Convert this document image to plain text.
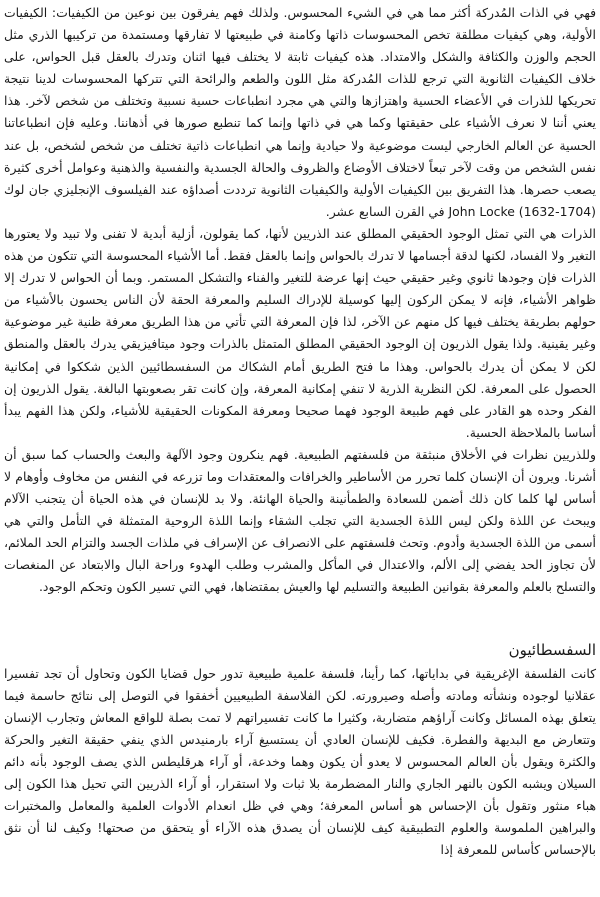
فهي في الذات المُدركة أكثر مما هي في الشيء المحسوس. ولذلك فهم يفرقون بين نوعين من الكيفيات: الكيفيات الأولية، وهي كيفيات مطلقة تخص المحسوسات ذاتها وكامنة في طبيعتها لا تفارقها ومستمدة من تركيبها الذري مثل الحجم والوزن والكثافة والشكل والامتداد. هذه كيفيات ثابتة لا يختلف فيها اثنان وتدرك بالعقل قبل الحواس، على خلاف الكيفيات الثانوية التي ترجع للذات المُدركة مثل اللون والطعم والرائحة التي تتركها المحسوسات لدينا نتيجة تحريكها للذرات في الأعضاء الحسية واهتزازها والتي هي مجرد انطباعات حسية نسبية وتختلف من شخص لآخر. هذا يعني أننا لا نعرف الأشياء على حقيقتها وكما هي في ذاتها وإنما كما تنطبع صورها في أذهاننا. وعليه فإن انطباعاتنا الحسية عن العالم الخارجي ليست موضوعية ولا حيادية وإنما هي انطباعات ذاتية تختلف من شخص لشخص، بل عند نفس الشخص من وقت لآخر تبعاً لاختلاف الأوضاع والظروف والحالة الجسدية والنفسية والذهنية وعوامل أخرى كثيرة يصعب حصرها. هذا التفريق بين الكيفيات الأولية والكيفيات الثانوية ترددت أصداؤه عند الفيلسوف الإنجليزي جان لوك John Locke (1632-1704) في القرن السابع عشر.

الذرات هي التي تمثل الوجود الحقيقي المطلق عند الذريين لأنها، كما يقولون، أزلية أبدية لا تفنى ولا تبيد ولا يعتورها التغير ولا الفساد، لكنها لدقة أجسامها لا تدرك بالحواس وإنما بالعقل فقط. أما الأشياء المحسوسة التي تتكون من هذه الذرات فإن وجودها ثانوي وغير حقيقي حيث إنها عرضة للتغير والفناء والتشكل المستمر. وبما أن الحواس لا تدرك إلا ظواهر الأشياء، فإنه لا يمكن الركون إليها كوسيلة للإدراك السليم والمعرفة الحقة لأن الناس يحسون بالأشياء من حولهم بطريقة يختلف فيها كل منهم عن الآخر، لذا فإن المعرفة التي تأتي من هذا الطريق معرفة ظنية غير موضوعية وغير يقينية. ولذا يقول الذريون إن الوجود الحقيقي المطلق المتمثل بالذرات وجود ميتافيزيقي يدرك بالعقل والمنطق لكن لا يمكن أن يدرك بالحواس. وهذا ما فتح الطريق أمام الشكاك من السفسطائيين الذين شككوا في إمكانية الحصول على المعرفة. لكن النظرية الذرية لا تنفي إمكانية المعرفة، وإن كانت تقر بصعوبتها البالغة. يقول الذريون إن الفكر وحده هو القادر على فهم طبيعة الوجود فهما صحيحا ومعرفة المكونات الحقيقية للأشياء، ولكن هذا الفهم يبدأ أساسا بالملاحظة الحسية.

وللذريين نظرات في الأخلاق منبثقة من فلسفتهم الطبيعية. فهم ينكرون وجود الآلهة والبعث والحساب كما سبق أن أشرنا. ويرون أن الإنسان كلما تحرر من الأساطير والخرافات والمعتقدات وما تزرعه في النفس من مخاوف وأوهام لا أساس لها كلما كان ذلك أضمن للسعادة والطمأنينة والحياة الهانئة. ولا بد للإنسان في هذه الحياة أن يتجنب الآلام ويبحث عن اللذة ولكن ليس اللذة الجسدية التي تجلب الشقاء وإنما اللذة الروحية المتمثلة في التأمل والتي هي أسمى من اللذة الجسدية وأدوم. وتحث فلسفتهم على الانصراف عن الإسراف في ملذات الجسد والتزام الحد الملائم، لأن تجاوز الحد يفضي إلى الألم، والاعتدال في المأكل والمشرب وطلب الهدوء وراحة البال والابتعاد عن المنغصات والتسلح بالعلم والمعرفة بقوانين الطبيعة والتسليم لها والعيش بمقتضاها، فهي التي تسير الكون وتحكم الوجود.

السفسطائيون

كانت الفلسفة الإغريقية في بداياتها، كما رأينا، فلسفة علمية طبيعية تدور حول قضايا الكون وتحاول أن تجد تفسيرا عقلانيا لوجوده ونشأته ومادته وأصله وصيرورته. لكن الفلاسفة الطبيعيين أخفقوا في التوصل إلى نتائج حاسمة فيما يتعلق بهذه المسائل وكانت آراؤهم متضاربة، وكثيرا ما كانت تفسيراتهم لا تمت بصلة للواقع المعاش وتجارب الإنسان وتتعارض مع البديهة والفطرة. فكيف للإنسان العادي أن يستسيغ آراء بارمنيدس الذي ينفي حقيقة التغير والحركة والكثرة ويقول بأن العالم المحسوس لا يعدو أن يكون وهما وخدعة، أو آراء هرقليطس الذي يصف الوجود بأنه دائم السيلان ويشبه الكون بالنهر الجاري والنار المضطرمة بلا ثبات ولا استقرار، أو آراء الذريين التي تحيل هذا الكون إلى هباء منثور وتقول بأن الإحساس هو أساس المعرفة؛ وهي في ظل انعدام الأدوات العلمية والمعامل والمختبرات والبراهين الملموسة والعلوم التطبيقية كيف للإنسان أن يصدق هذه الآراء أو يتحقق من صحتها! وكيف لنا أن نثق بالإحساس كأساس للمعرفة إذا
